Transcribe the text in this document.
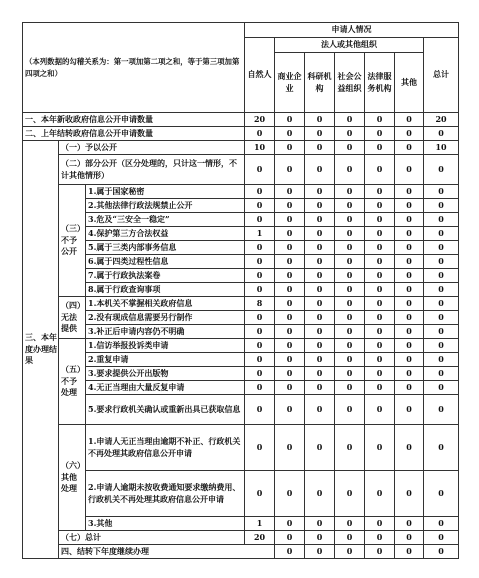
（本列数据的勾稽关系为：第一项加第二项之和，等于第三项加第四项之和）			申请人情况							
			自然人	法人或其他组织					总计	
				商业企业	科研机构	社会公益组织	法律服务机构	其他		
一、本年新收政府信息公开申请数量			20	0	0	0	0	0	20	
二、上年结转政府信息公开申请数量			0	0	0	0	0	0	0	
三、本年度办理结果	（一）予以公开		10	0	0	0	0	0	10	
	（二）部分公开（区分处理的，只计这一情形，不计其他情形）		0	0	0	0	0	0	0	
	（三）不予公开	1.属于国家秘密	0	0	0	0	0	0	0	
		2.其他法律行政法规禁止公开	0	0	0	0	0	0	0	
		3.危及“三安全一稳定”	0	0	0	0	0	0	0	
		4.保护第三方合法权益	1	0	0	0	0	0	0	
		5.属于三类内部事务信息	0	0	0	0	0	0	0	
		6.属于四类过程性信息	0	0	0	0	0	0	0	
		7.属于行政执法案卷	0	0	0	0	0	0	0	
		8.属于行政查询事项	0	0	0	0	0	0	0	
	（四）无法提供	1.本机关不掌握相关政府信息	8	0	0	0	0	0	0	
		2.没有现成信息需要另行制作	0	0	0	0	0	0	0	
		3.补正后申请内容仍不明确	0	0	0	0	0	0	0	
	（五）不予处理	1.信访举报投诉类申请	0	0	0	0	0	0	0	
		2.重复申请	0	0	0	0	0	0	0	
		3.要求提供公开出版物	0	0	0	0	0	0	0	
		4.无正当理由大量反复申请	0	0	0	0	0	0	0	
		5.要求行政机关确认或重新出具已获取信息	0	0	0	0	0	0	0	
	（六）其他处理	1.申请人无正当理由逾期不补正、行政机关不再处理其政府信息公开申请	0	0	0	0	0	0	0	
		2.申请人逾期未按收费通知要求缴纳费用、行政机关不再处理其政府信息公开申请	0	0	0	0	0	0	0	
		3.其他	1	0	0	0	0	0	0	
	（七）总计		20	0	0	0	0	0	0	
	四、结转下年度继续办理			0	0	0	0	0	0	
